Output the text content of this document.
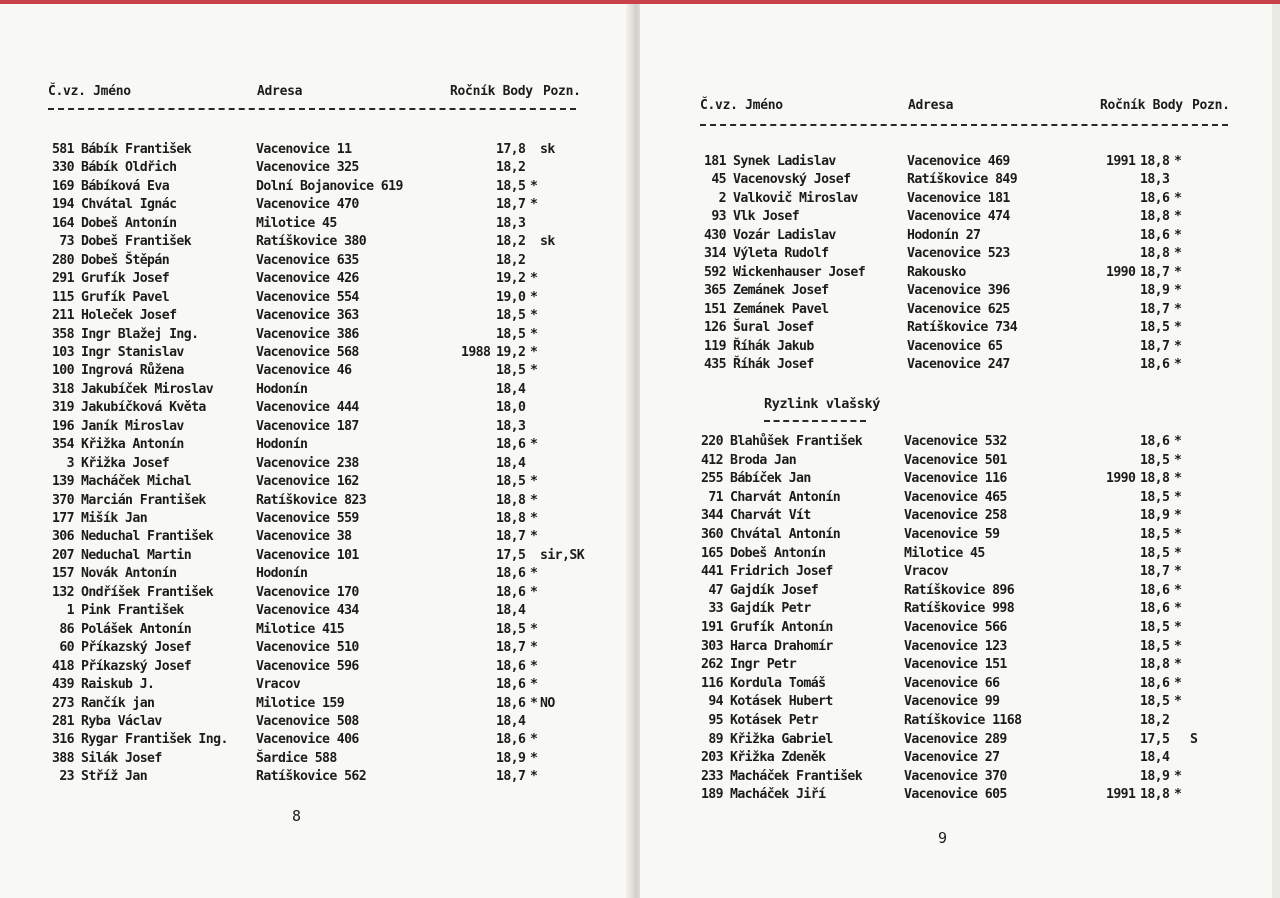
Č.vz. Jméno	Adresa	Ročník Body Pozn.
581 Bábík František	Vacenovice 11	17,8 sk
330 Bábík Oldřich	Vacenovice 325	18,2
169 Bábíková Eva	Dolní Bojanovice 619	18,5 *
194 Chvátal Ignác	Vacenovice 470	18,7 *
164 Dobeš Antonín	Milotice 45	18,3
73 Dobeš František	Ratíškovice 380	18,2 sk
280 Dobeš Štěpán	Vacenovice 635	18,2
291 Grufík Josef	Vacenovice 426	19,2 *
115 Grufík Pavel	Vacenovice 554	19,0 *
211 Holeček Josef	Vacenovice 363	18,5 *
358 Ingr Blažej Ing.	Vacenovice 386	18,5 *
103 Ingr Stanislav	Vacenovice 568	1988 19,2 *
100 Ingrová Růžena	Vacenovice 46	18,5 *
318 Jakubíček Miroslav	Hodonín	18,4
319 Jakubíčková Květa	Vacenovice 444	18,0
196 Janík Miroslav	Vacenovice 187	18,3
354 Křižka Antonín	Hodonín	18,6 *
3 Křižka Josef	Vacenovice 238	18,4
139 Macháček Michal	Vacenovice 162	18,5 *
370 Marcián František	Ratíškovice 823	18,8 *
177 Mišík Jan	Vacenovice 559	18,8 *
306 Neduchal František	Vacenovice 38	18,7 *
207 Neduchal Martin	Vacenovice 101	17,5 sir,SK
157 Novák Antonín	Hodonín	18,6 *
132 Ondříšek František	Vacenovice 170	18,6 *
1 Pink František	Vacenovice 434	18,4
86 Polášek Antonín	Milotice 415	18,5 *
60 Příkazský Josef	Vacenovice 510	18,7 *
418 Příkazský Josef	Vacenovice 596	18,6 *
439 Raiskub J.	Vracov	18,6 *
273 Rančík jan	Milotice 159	18,6 * NO
281 Ryba Václav	Vacenovice 508	18,4
316 Rygar František Ing. Vacenovice 406	18,6 *
388 Silák Josef	Šardice 588	18,9 *
23 Stříž Jan	Ratíškovice 562	18,7 *
8
Č.vz. Jméno	Adresa	Ročník Body Pozn.
181 Synek Ladislav	Vacenovice 469	1991 18,8 *
45 Vacenovský Josef	Ratíškovice 849	18,3
2 Valkovič Miroslav	Vacenovice 181	18,6 *
93 Vlk Josef	Vacenovice 474	18,8 *
430 Vozár Ladislav	Hodonín 27	18,6 *
314 Výleta Rudolf	Vacenovice 523	18,8 *
592 Wickenhauser Josef	Rakousko	1990 18,7 *
365 Zemánek Josef	Vacenovice 396	18,9 *
151 Zemánek Pavel	Vacenovice 625	18,7 *
126 Šural Josef	Ratíškovice 734	18,5 *
119 Říhák Jakub	Vacenovice 65	18,7 *
435 Říhák Josef	Vacenovice 247	18,6 *
Ryzlink vlašský
220 Blahůšek František	Vacenovice 532	18,6 *
412 Broda Jan	Vacenovice 501	18,5 *
255 Bábíček Jan	Vacenovice 116	1990 18,8 *
71 Charvát Antonín	Vacenovice 465	18,5 *
344 Charvát Vít	Vacenovice 258	18,9 *
360 Chvátal Antonín	Vacenovice 59	18,5 *
165 Dobeš Antonín	Milotice 45	18,5 *
441 Fridrich Josef	Vracov	18,7 *
47 Gajdík Josef	Ratíškovice 896	18,6 *
33 Gajdík Petr	Ratíškovice 998	18,6 *
191 Grufík Antonín	Vacenovice 566	18,5 *
303 Harca Drahomír	Vacenovice 123	18,5 *
262 Ingr Petr	Vacenovice 151	18,8 *
116 Kordula Tomáš	Vacenovice 66	18,6 *
94 Kotásek Hubert	Vacenovice 99	18,5 *
95 Kotásek Petr	Ratíškovice 1168	18,2
89 Křižka Gabriel	Vacenovice 289	17,5 S
203 Křižka Zdeněk	Vacenovice 27	18,4
233 Macháček František	Vacenovice 370	18,9 *
189 Macháček Jiří	Vacenovice 605	1991 18,8 *
9
